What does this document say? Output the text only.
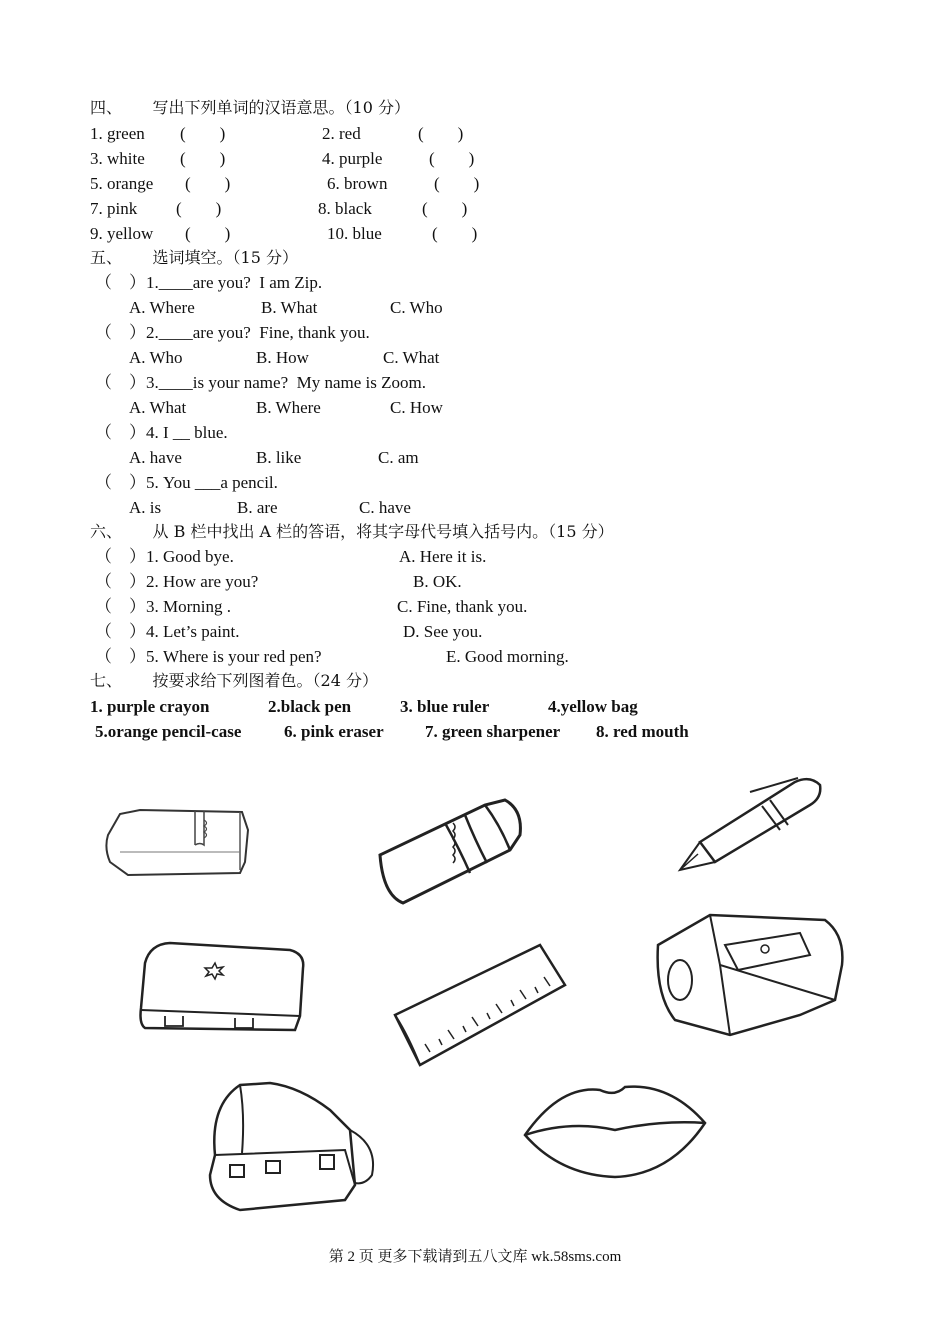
四、      写出下列单词的汉语意思。（10 分）
1. green (        )	2. red	(        )
3. white (        )	4. purple	(        )
5. orange (        )	6. brown	(        )
7. pink (        )	8. black	(        )
9. yellow (        )	10. blue	(        )
五、      选词填空。（15 分）
（    ）1.____are you?  I am Zip.
A. Where	B. What	C. Who
（    ）2.____are you?  Fine, thank you.
A. Who	B. How	C. What
（    ）3.____is your name?  My name is Zoom.
A. What	B. Where	C. How
（    ）4. I __ blue.
A. have	B. like	C. am
（    ）5. You ___a pencil.
A. is	B. are	C. have
六、      从 B 栏中找出 A 栏的答语，将其字母代号填入括号内。（15 分）
（    ）1. Good bye.	A. Here it is.
（    ）2. How are you?	B. OK.
（    ）3. Morning .	C. Fine, thank you.
（    ）4. Let’s paint.	D. See you.
（    ）5. Where is your red pen?	E. Good morning.
七、      按要求给下列图着色。（24 分）
1. purple crayon	2.black pen	3. blue ruler	4.yellow bag
5.orange pencil-case	6. pink eraser 7. green sharpener 8. red mouth
第 2 页 更多下载请到五八文库 wk.58sms.com
